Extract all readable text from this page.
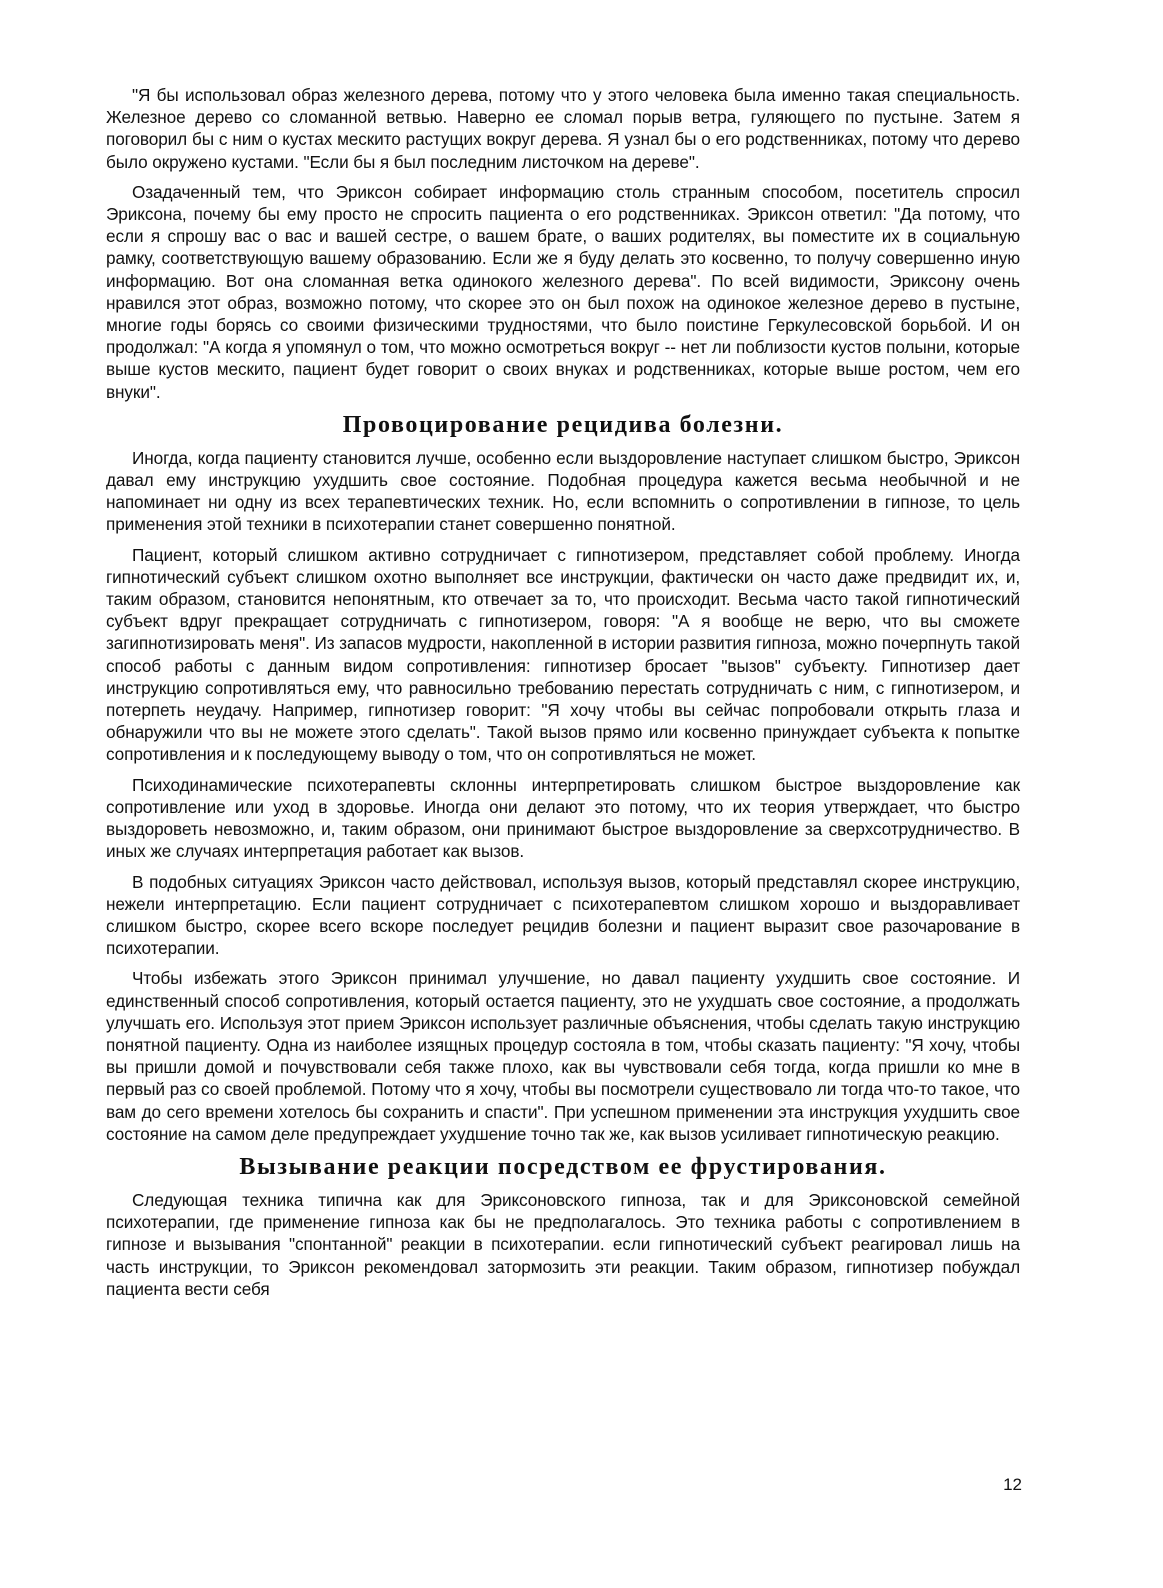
"Я бы использовал образ железного дерева, потому что у этого человека была именно такая специальность. Железное дерево со сломанной ветвью. Наверно ее сломал порыв ветра, гуляющего по пустыне. Затем я поговорил бы с ним о кустах мескито растущих вокруг дерева. Я узнал бы о его родственниках, потому что дерево было окружено кустами. "Если бы я был последним листочком на дереве".

Озадаченный тем, что Эриксон собирает информацию столь странным способом, посетитель спросил Эриксона, почему бы ему просто не спросить пациента о его родственниках. Эриксон ответил: "Да потому, что если я спрошу вас о вас и вашей сестре, о вашем брате, о ваших родителях, вы поместите их в социальную рамку, соответствующую вашему образованию. Если же я буду делать это косвенно, то получу совершенно иную информацию. Вот она сломанная ветка одинокого железного дерева". По всей видимости, Эриксону очень нравился этот образ, возможно потому, что скорее это он был похож на одинокое железное дерево в пустыне, многие годы борясь со своими физическими трудностями, что было поистине Геркулесовской борьбой. И он продолжал: "А когда я упомянул о том, что можно осмотреться вокруг -- нет ли поблизости кустов полыни, которые выше кустов мескито, пациент будет говорит о своих внуках и родственниках, которые выше ростом, чем его внуки".

Провоцирование рецидива болезни.

Иногда, когда пациенту становится лучше, особенно если выздоровление наступает слишком быстро, Эриксон давал ему инструкцию ухудшить свое состояние. Подобная процедура кажется весьма необычной и не напоминает ни одну из всех терапевтических техник. Но, если вспомнить о сопротивлении в гипнозе, то цель применения этой техники в психотерапии станет совершенно понятной.

Пациент, который слишком активно сотрудничает с гипнотизером, представляет собой проблему. Иногда гипнотический субъект слишком охотно выполняет все инструкции, фактически он часто даже предвидит их, и, таким образом, становится непонятным, кто отвечает за то, что происходит. Весьма часто такой гипнотический субъект вдруг прекращает сотрудничать с гипнотизером, говоря: "А я вообще не верю, что вы сможете загипнотизировать меня". Из запасов мудрости, накопленной в истории развития гипноза, можно почерпнуть такой способ работы с данным видом сопротивления: гипнотизер бросает "вызов" субъекту. Гипнотизер дает инструкцию сопротивляться ему, что равносильно требованию перестать сотрудничать с ним, с гипнотизером, и потерпеть неудачу. Например, гипнотизер говорит: "Я хочу чтобы вы сейчас попробовали открыть глаза и обнаружили что вы не можете этого сделать". Такой вызов прямо или косвенно принуждает субъекта к попытке сопротивления и к последующему выводу о том, что он сопротивляться не может.

Психодинамические психотерапевты склонны интерпретировать слишком быстрое выздоровление как сопротивление или уход в здоровье. Иногда они делают это потому, что их теория утверждает, что быстро выздороветь невозможно, и, таким образом, они принимают быстрое выздоровление за сверхсотрудничество. В иных же случаях интерпретация работает как вызов.

В подобных ситуациях Эриксон часто действовал, используя вызов, который представлял скорее инструкцию, нежели интерпретацию. Если пациент сотрудничает с психотерапевтом слишком хорошо и выздоравливает слишком быстро, скорее всего вскоре последует рецидив болезни и пациент выразит свое разочарование в психотерапии.

Чтобы избежать этого Эриксон принимал улучшение, но давал пациенту ухудшить свое состояние. И единственный способ сопротивления, который остается пациенту, это не ухудшать свое состояние, а продолжать улучшать его. Используя этот прием Эриксон использует различные объяснения, чтобы сделать такую инструкцию понятной пациенту. Одна из наиболее изящных процедур состояла в том, чтобы сказать пациенту: "Я хочу, чтобы вы пришли домой и почувствовали себя также плохо, как вы чувствовали себя тогда, когда пришли ко мне в первый раз со своей проблемой. Потому что я хочу, чтобы вы посмотрели существовало ли тогда что-то такое, что вам до сего времени хотелось бы сохранить и спасти". При успешном применении эта инструкция ухудшить свое состояние на самом деле предупреждает ухудшение точно так же, как вызов усиливает гипнотическую реакцию.

Вызывание реакции посредством ее фрустирования.

Следующая техника типична как для Эриксоновского гипноза, так и для Эриксоновской семейной психотерапии, где применение гипноза как бы не предполагалось. Это техника работы с сопротивлением в гипнозе и вызывания "спонтанной" реакции в психотерапии. если гипнотический субъект реагировал лишь на часть инструкции, то Эриксон рекомендовал затормозить эти реакции. Таким образом, гипнотизер побуждал пациента вести себя

12
